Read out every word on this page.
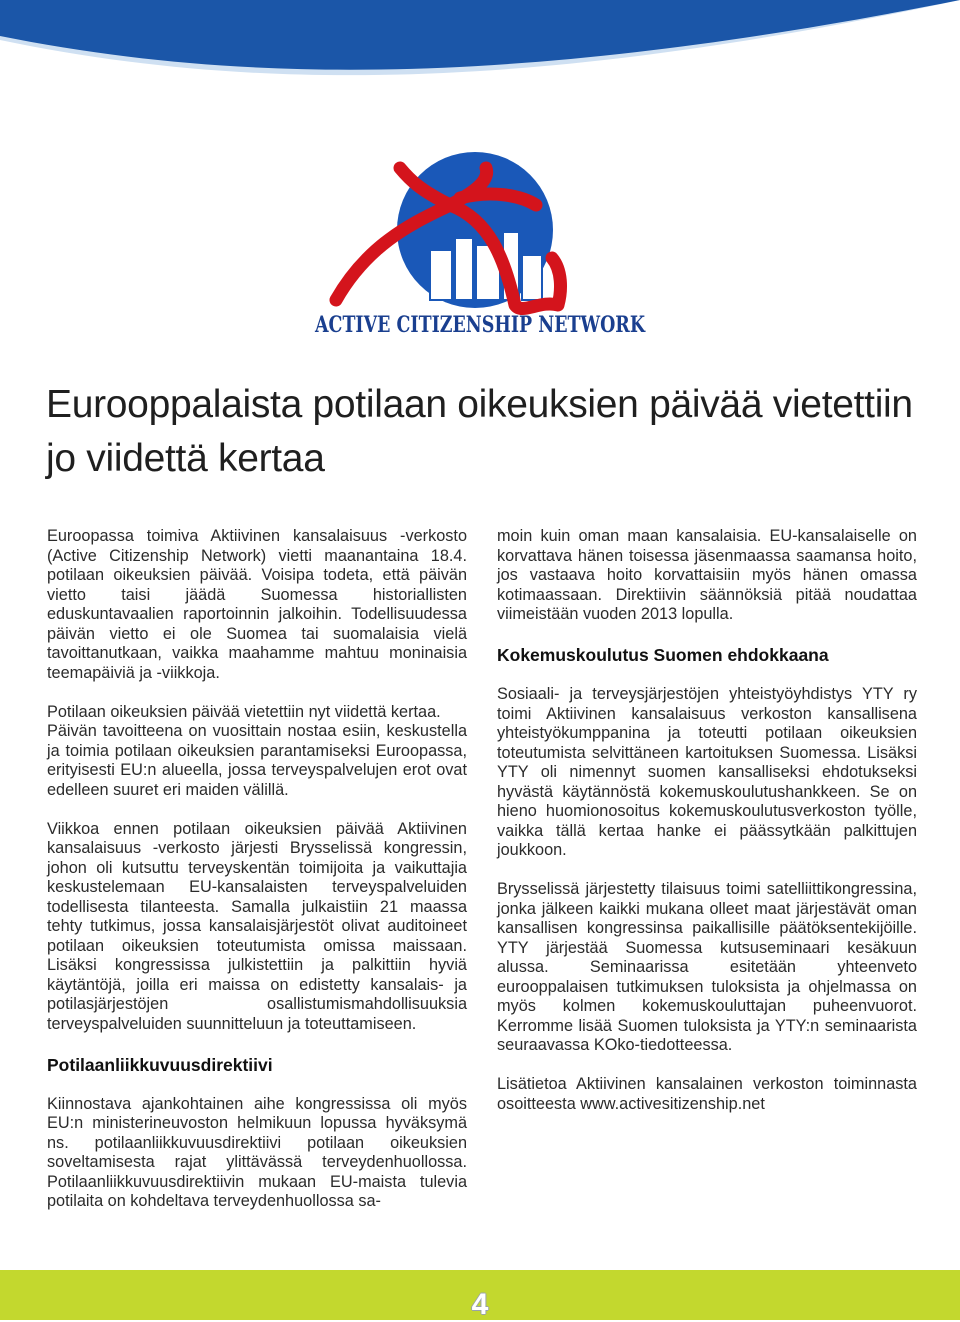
ACTIVE CITIZENSHIP NETWORK
Eurooppalaista potilaan oikeuksien päivää vietettiin jo viidettä kertaa

Euroopassa toimiva Aktiivinen kansalaisuus -verkosto (Active Citizenship Network) vietti maanantaina 18.4. potilaan oikeuksien päivää. Voisipa todeta, että päivän vietto taisi jäädä Suomessa historiallisten eduskuntavaalien raportoinnin jalkoihin. Todellisuudessa päivän vietto ei ole Suomea tai suomalaisia vielä tavoittanutkaan, vaikka maahamme mahtuu moninaisia teemapäiviä ja -viikkoja.

Potilaan oikeuksien päivää vietettiin nyt viidettä kertaa.

Päivän tavoitteena on vuosittain nostaa esiin, keskustella ja toimia potilaan oikeuksien parantamiseksi Euroopassa, erityisesti EU:n alueella, jossa terveyspalvelujen erot ovat edelleen suuret eri maiden välillä.

Viikkoa ennen potilaan oikeuksien päivää Aktiivinen kansalaisuus -verkosto järjesti Brysselissä kongressin, johon oli kutsuttu terveyskentän toimijoita ja vaikuttajia keskustelemaan EU-kansalaisten terveyspalveluiden todellisesta tilanteesta. Samalla julkaistiin 21 maassa tehty tutkimus, jossa kansalaisjärjestöt olivat auditoineet potilaan oikeuksien toteutumista omissa maissaan. Lisäksi kongressissa julkistettiin ja palkittiin hyviä käytäntöjä, joilla eri maissa on edistetty kansalais- ja potilasjärjestöjen osallistumismahdollisuuksia terveyspalveluiden suunnitteluun ja toteuttamiseen.

Potilaanliikkuvuusdirektiivi

Kiinnostava ajankohtainen aihe kongressissa oli myös EU:n ministerineuvoston helmikuun lopussa hyväksymä ns. potilaanliikkuvuusdirektiivi potilaan oikeuksien soveltamisesta rajat ylittävässä terveydenhuollossa. Potilaanliikkuvuusdirektiivin mukaan EU-maista tulevia potilaita on kohdeltava terveydenhuollossa sa-

moin kuin oman maan kansalaisia. EU-kansalaiselle on korvattava hänen toisessa jäsenmaassa saamansa hoito, jos vastaava hoito korvattaisiin myös hänen omassa kotimaassaan. Direktiivin säännöksiä pitää noudattaa viimeistään vuoden 2013 lopulla.

Kokemuskoulutus Suomen ehdokkaana

Sosiaali- ja terveysjärjestöjen yhteistyöyhdistys YTY ry toimi Aktiivinen kansalaisuus verkoston kansallisena yhteistyökumppanina ja toteutti potilaan oikeuksien toteutumista selvittäneen kartoituksen Suomessa. Lisäksi YTY oli nimennyt suomen kansalliseksi ehdotukseksi hyvästä käytännöstä kokemuskoulutushankkeen. Se on hieno huomionosoitus kokemuskoulutusverkoston työlle, vaikka tällä kertaa hanke ei päässytkään palkittujen joukkoon.

Brysselissä järjestetty tilaisuus toimi satelliittikongressina, jonka jälkeen kaikki mukana olleet maat järjestävät oman kansallisen kongressinsa paikallisille päätöksentekijöille. YTY järjestää Suomessa kutsuseminaari kesäkuun alussa. Seminaarissa esitetään yhteenveto eurooppalaisen tutkimuksen tuloksista ja ohjelmassa on myös kolmen kokemuskouluttajan puheenvuorot. Kerromme lisää Suomen tuloksista ja YTY:n seminaarista seuraavassa KOko-tiedotteessa.

Lisätietoa Aktiivinen kansalainen verkoston toiminnasta osoitteesta www.activesitizenship.net

4
